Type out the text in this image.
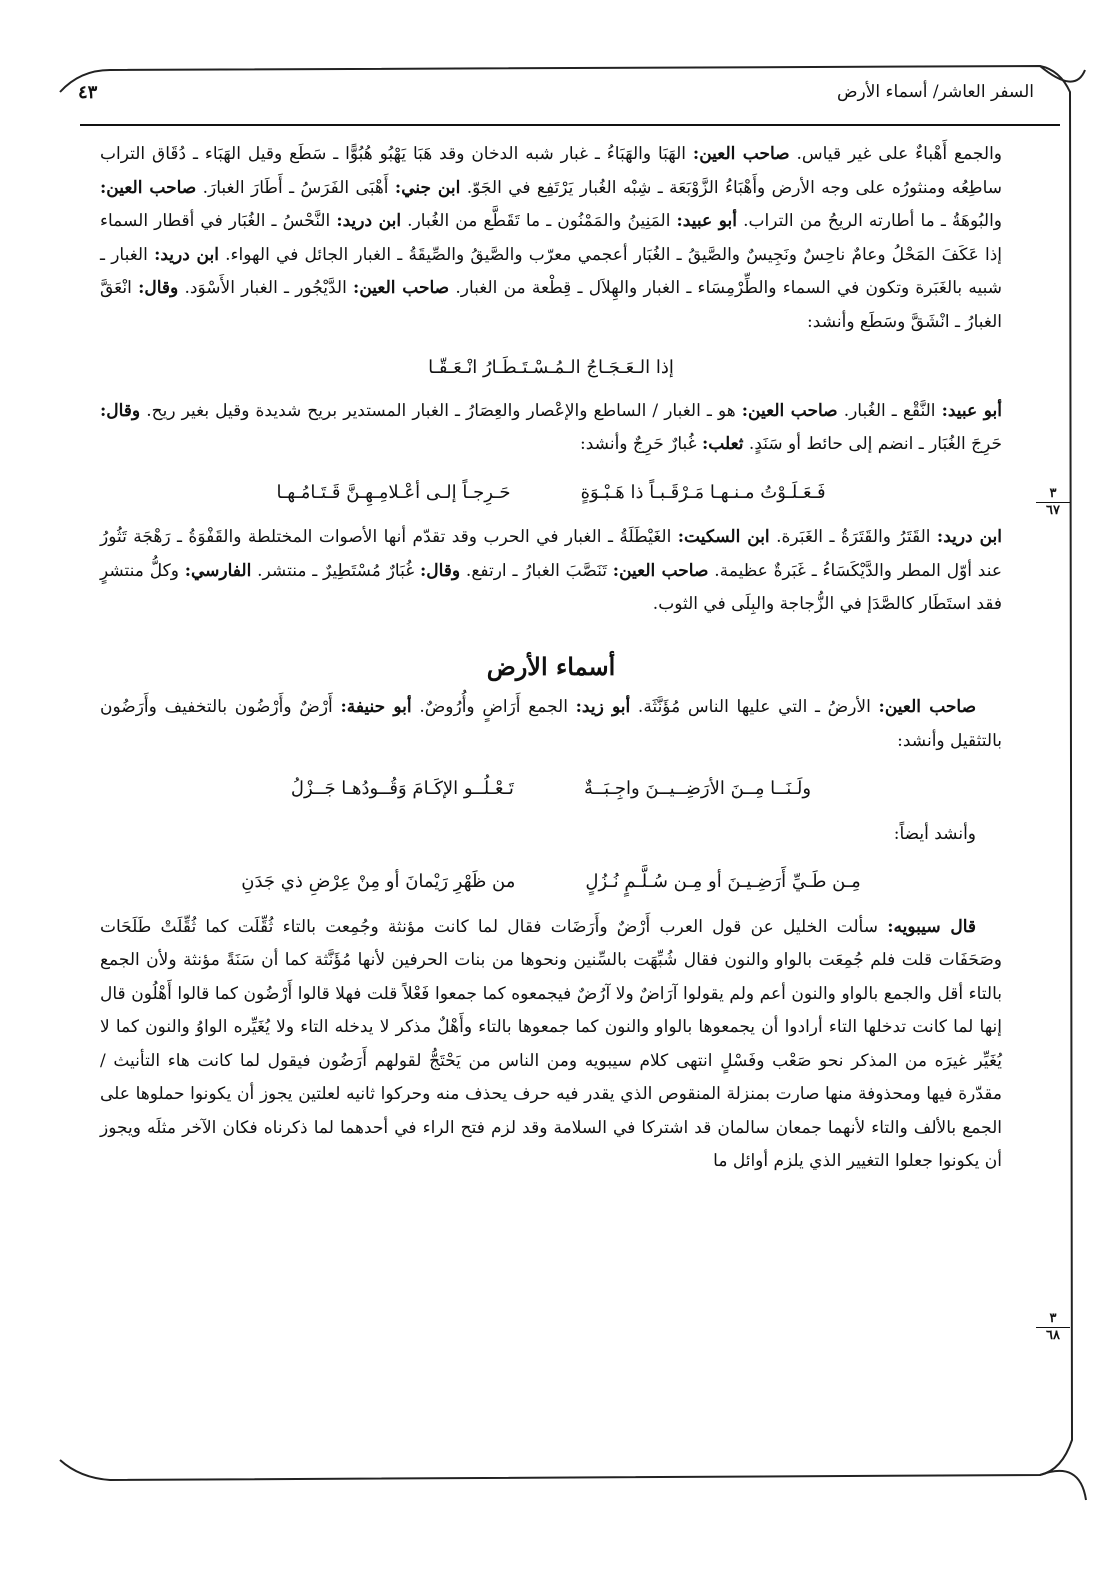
السفر العاشر/ أسماء الأرض
٤٣
٣
٦٧
٣
٦٨

والجمع أَهْباءٌ على غير قياس. صاحب العين: الهَبَا والهَبَاءُ ـ غبار شبه الدخان وقد هَبَا يَهْبُو هُبُوًّا ـ سَطَع وقيل الهَبَاء ـ دُقَاق التراب ساطِعُه ومنثورُه على وجه الأرض وأَهْبَاءُ الزَّوْبَعَة ـ شِبْه الغُبار يَرْتَفِع في الجَوّ. ابن جني: أَهْبَى الفَرَسُ ـ أَطَارَ الغبارَ. صاحب العين: والبُوهَةُ ـ ما أطارته الريحُ من التراب. أبو عبيد: المَنِينُ والمَمْنُون ـ ما تَقَطَّع من الغُبار. ابن دريد: النَّحْسُ ـ الغُبَار في أقطار السماء إذا عَكَفَ المَحْلُ وعامٌ ناحِسٌ ونَجِيسٌ والصَّيقُ ـ الغُبَار أعجمي معرّب والصَّيقُ والصِّيقَةُ ـ الغبار الجائل في الهواء. ابن دريد: الغبار ـ شبيه بالغَبَرة وتكون في السماء والطِّرْمِسَاء ـ الغبار والهِلاَل ـ قِطْعة من الغبار. صاحب العين: الدَّيْجُور ـ الغبار الأَسْوَد. وقال: انْعَقَّ الغبارُ ـ انْشَقَّ وسَطَع وأنشد:

إذا الـعَـجَـاجُ الـمُـسْـتَـطَـارُ انْـعَـقّـا

أبو عبيد: النَّقْع ـ الغُبار. صاحب العين: هو ـ الغبار / الساطع والإعْصار والعِصَارُ ـ الغبار المستدير بريح شديدة وقيل بغير ريح. وقال: حَرِجَ الغُبَار ـ انضم إلى حائط أو سَنَدٍ. ثعلب: غُبارٌ حَرِجٌ وأنشد:

فَـعَـلَـوْتُ مـنـهـا مَـرْقَـبـاً ذا هَـبْـوَةٍ
حَـرِجـاً إلـى أعْـلامِـهِـنَّ قَـتَـامُـهـا

ابن دريد: القَتَرُ والقَتَرَةُ ـ الغَبَرة. ابن السكيت: الغَيْطَلَةُ ـ الغبار في الحرب وقد تقدّم أنها الأصوات المختلطة والقَفْوَةُ ـ رَهْجَة تَثُورُ عند أوّل المطر والدَّيْكَسَاءُ ـ غَبَرةٌ عظيمة. صاحب العين: تَنَصَّبَ الغبارُ ـ ارتفع. وقال: غُبَارٌ مُسْتَطِيرٌ ـ منتشر. الفارسي: وكلُّ منتشرٍ فقد استَطَار كالصَّدَإ في الزُّجاجة والبِلَى في الثوب.

أسماء الأرض

صاحب العين: الأرضُ ـ التي عليها الناس مُؤَنَّثَة. أبو زيد: الجمع أَرَاضٍ وأُرُوضٌ. أبو حنيفة: أَرْضٌ وأَرْضُون بالتخفيف وأَرَضُون بالتثقيل وأنشد:

ولَـنَــا مِــنَ الأرَضِــيــنَ واجِـبَــةٌ
تَـعْـلُــو الإكَـامَ وَقُــودُهـا جَــزْلُ

وأنشد أيضاً:

مِـن طَـيِّ أَرَضِـيـنَ أو مِـن سُـلَّـمٍ نُـزُلٍ
من ظَهْرِ رَيْمانَ أو مِنْ عِرْضِ ذي جَدَنِ

قال سيبويه: سألت الخليل عن قول العرب أَرْضٌ وأَرَضَات فقال لما كانت مؤنثة وجُمِعت بالتاء ثُقِّلَت كما ثُقِّلَتْ طَلَحَات وصَحَفَات قلت فلم جُمِعَت بالواو والنون فقال شُبِّهَت بالسِّنين ونحوها من بنات الحرفين لأنها مُؤَنَّثة كما أن سَنَةً مؤنثة ولأن الجمع بالتاء أقل والجمع بالواو والنون أعم ولم يقولوا آرَاضٌ ولا آرُضٌ فيجمعوه كما جمعوا فَعْلاً قلت فهلا قالوا أَرْضُون كما قالوا أَهْلُون قال إنها لما كانت تدخلها التاء أرادوا أن يجمعوها بالواو والنون كما جمعوها بالتاء وأَهْلٌ مذكر لا يدخله التاء ولا يُغَيِّره الواوُ والنون كما لا يُغَيِّر غيرَه من المذكر نحو صَعْب وفَسْلٍ انتهى كلام سيبويه ومن الناس من يَحْتَجُّ لقولهم أَرَضُون فيقول لما كانت هاء التأنيث / مقدّرة فيها ومحذوفة منها صارت بمنزلة المنقوص الذي يقدر فيه حرف يحذف منه وحركوا ثانيه لعلتين يجوز أن يكونوا حملوها على الجمع بالألف والتاء لأنهما جمعان سالمان قد اشتركا في السلامة وقد لزم فتح الراء في أحدهما لما ذكرناه فكان الآخر مثلَه ويجوز أن يكونوا جعلوا التغيير الذي يلزم أوائل ما
